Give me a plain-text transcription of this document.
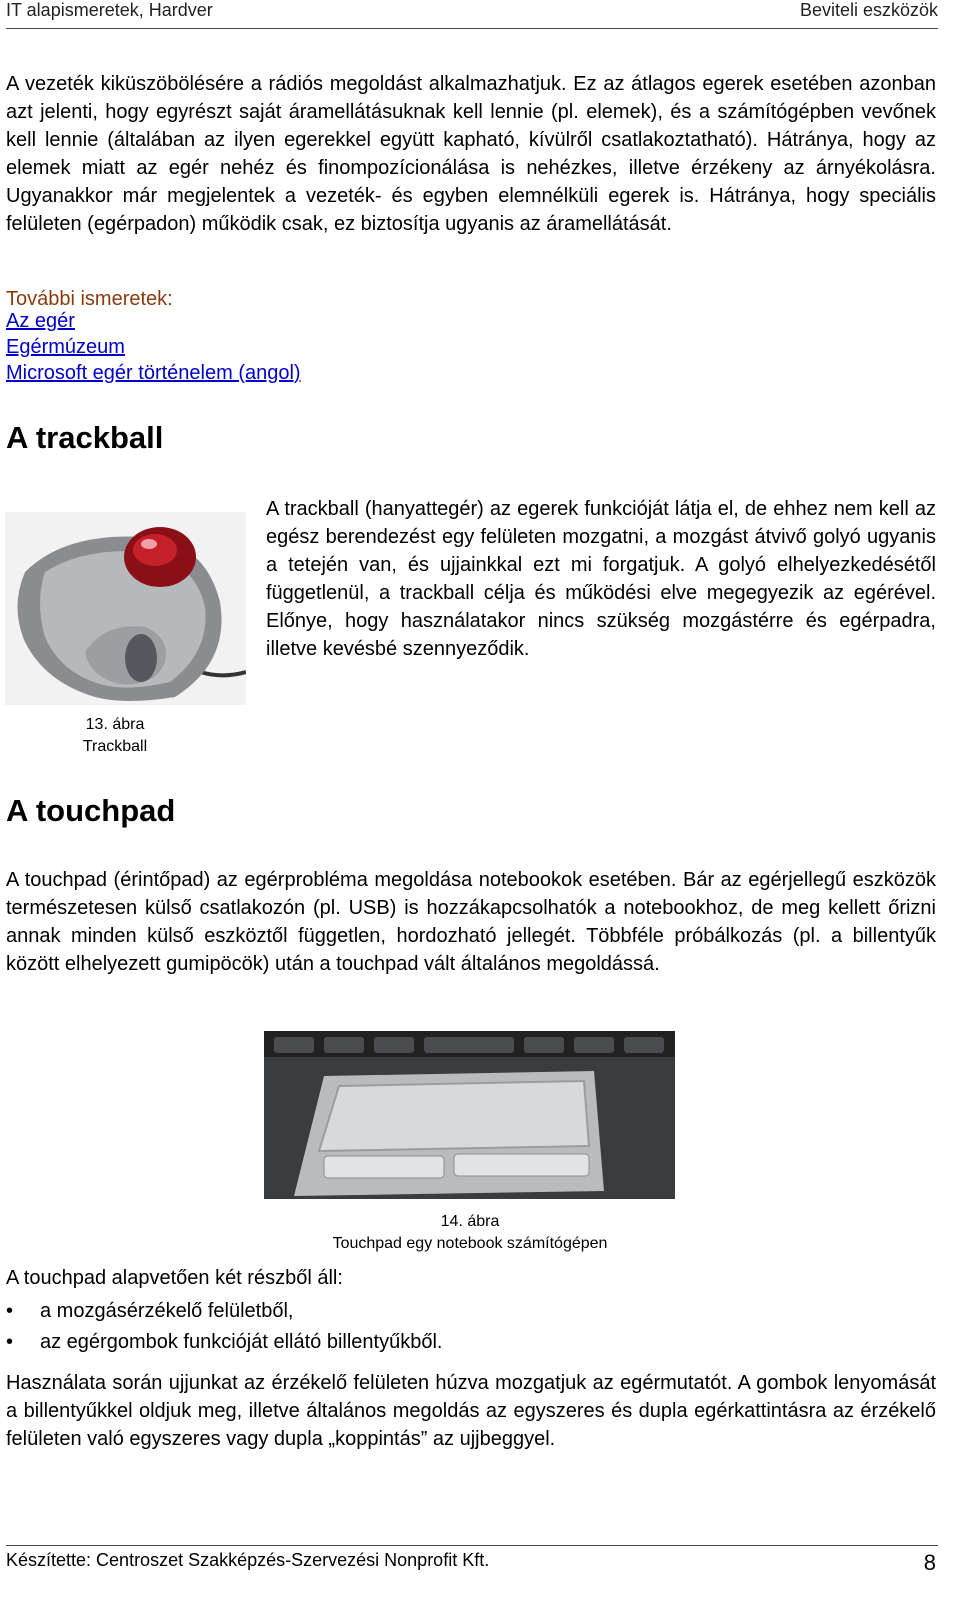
IT alapismeretek, Hardver	Beviteli eszközök
A vezeték kiküszöbölésére a rádiós megoldást alkalmazhatjuk. Ez az átlagos egerek esetében azonban azt jelenti, hogy egyrészt saját áramellátásuknak kell lennie (pl. elemek), és a számítógépben vevőnek kell lennie (általában az ilyen egerekkel együtt kapható, kívülről csatlakoztatható). Hátránya, hogy az elemek miatt az egér nehéz és finompozícionálása is nehézkes, illetve érzékeny az árnyékolásra. Ugyanakkor már megjelentek a vezeték- és egyben elemnélküli egerek is. Hátránya, hogy speciális felületen (egérpadon) működik csak, ez biztosítja ugyanis az áramellátását.
További ismeretek:
Az egér
Egérmúzeum
Microsoft egér történelem (angol)
A trackball
13. ábra
Trackball
A trackball (hanyattegér) az egerek funkcióját látja el, de ehhez nem kell az egész berendezést egy felületen mozgatni, a mozgást átvivő golyó ugyanis a tetején van, és ujjainkkal ezt mi forgatjuk. A golyó elhelyezkedésétől függetlenül, a trackball célja és működési elve megegyezik az egérével. Előnye, hogy használatakor nincs szükség mozgástérre és egérpadra, illetve kevésbé szennyeződik.
A touchpad
A touchpad (érintőpad) az egérprobléma megoldása notebookok esetében. Bár az egérjellegű eszközök természetesen külső csatlakozón (pl. USB) is hozzákapcsolhatók a notebookhoz, de meg kellett őrizni annak minden külső eszköztől független, hordozható jellegét. Többféle próbálkozás (pl. a billentyűk között elhelyezett gumipöcök) után a touchpad vált általános megoldássá.
14. ábra
Touchpad egy notebook számítógépen
A touchpad alapvetően két részből áll:
• a mozgásérzékelő felületből,
• az egérgombok funkcióját ellátó billentyűkből.
Használata során ujjunkat az érzékelő felületen húzva mozgatjuk az egérmutatót. A gombok lenyomását a billentyűkkel oldjuk meg, illetve általános megoldás az egyszeres és dupla egérkattintásra az érzékelő felületen való egyszeres vagy dupla „koppintás” az ujjbeggyel.
Készítette: Centroszet Szakképzés-Szervezési Nonprofit Kft.	8
